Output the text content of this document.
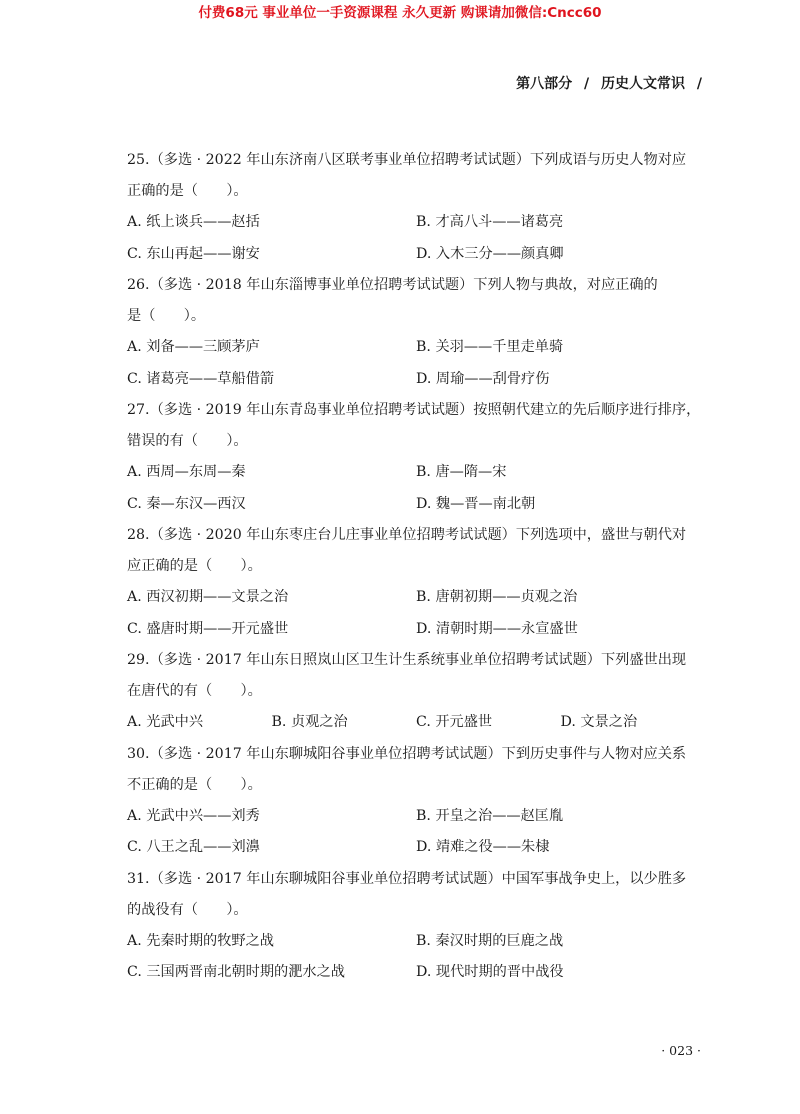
付费68元 事业单位一手资源课程 永久更新 购课请加微信:Cncc60
第八部分 / 历史人文常识 /
25.（多选 · 2022 年山东济南八区联考事业单位招聘考试试题）下列成语与历史人物对应
正确的是（　　）。
A. 纸上谈兵——赵括	B. 才高八斗——诸葛亮
C. 东山再起——谢安	D. 入木三分——颜真卿
26.（多选 · 2018 年山东淄博事业单位招聘考试试题）下列人物与典故，对应正确的
是（　　）。
A. 刘备——三顾茅庐	B. 关羽——千里走单骑
C. 诸葛亮——草船借箭	D. 周瑜——刮骨疗伤
27.（多选 · 2019 年山东青岛事业单位招聘考试试题）按照朝代建立的先后顺序进行排序，
错误的有（　　）。
A. 西周—东周—秦	B. 唐—隋—宋
C. 秦—东汉—西汉	D. 魏—晋—南北朝
28.（多选 · 2020 年山东枣庄台儿庄事业单位招聘考试试题）下列选项中，盛世与朝代对
应正确的是（　　）。
A. 西汉初期——文景之治	B. 唐朝初期——贞观之治
C. 盛唐时期——开元盛世	D. 清朝时期——永宣盛世
29.（多选 · 2017 年山东日照岚山区卫生计生系统事业单位招聘考试试题）下列盛世出现
在唐代的有（　　）。
A. 光武中兴	B. 贞观之治	C. 开元盛世	D. 文景之治
30.（多选 · 2017 年山东聊城阳谷事业单位招聘考试试题）下到历史事件与人物对应关系
不正确的是（　　）。
A. 光武中兴——刘秀	B. 开皇之治——赵匡胤
C. 八王之乱——刘濞	D. 靖难之役——朱棣
31.（多选 · 2017 年山东聊城阳谷事业单位招聘考试试题）中国军事战争史上，以少胜多
的战役有（　　）。
A. 先秦时期的牧野之战	B. 秦汉时期的巨鹿之战
C. 三国两晋南北朝时期的淝水之战	D. 现代时期的晋中战役
· 023 ·
